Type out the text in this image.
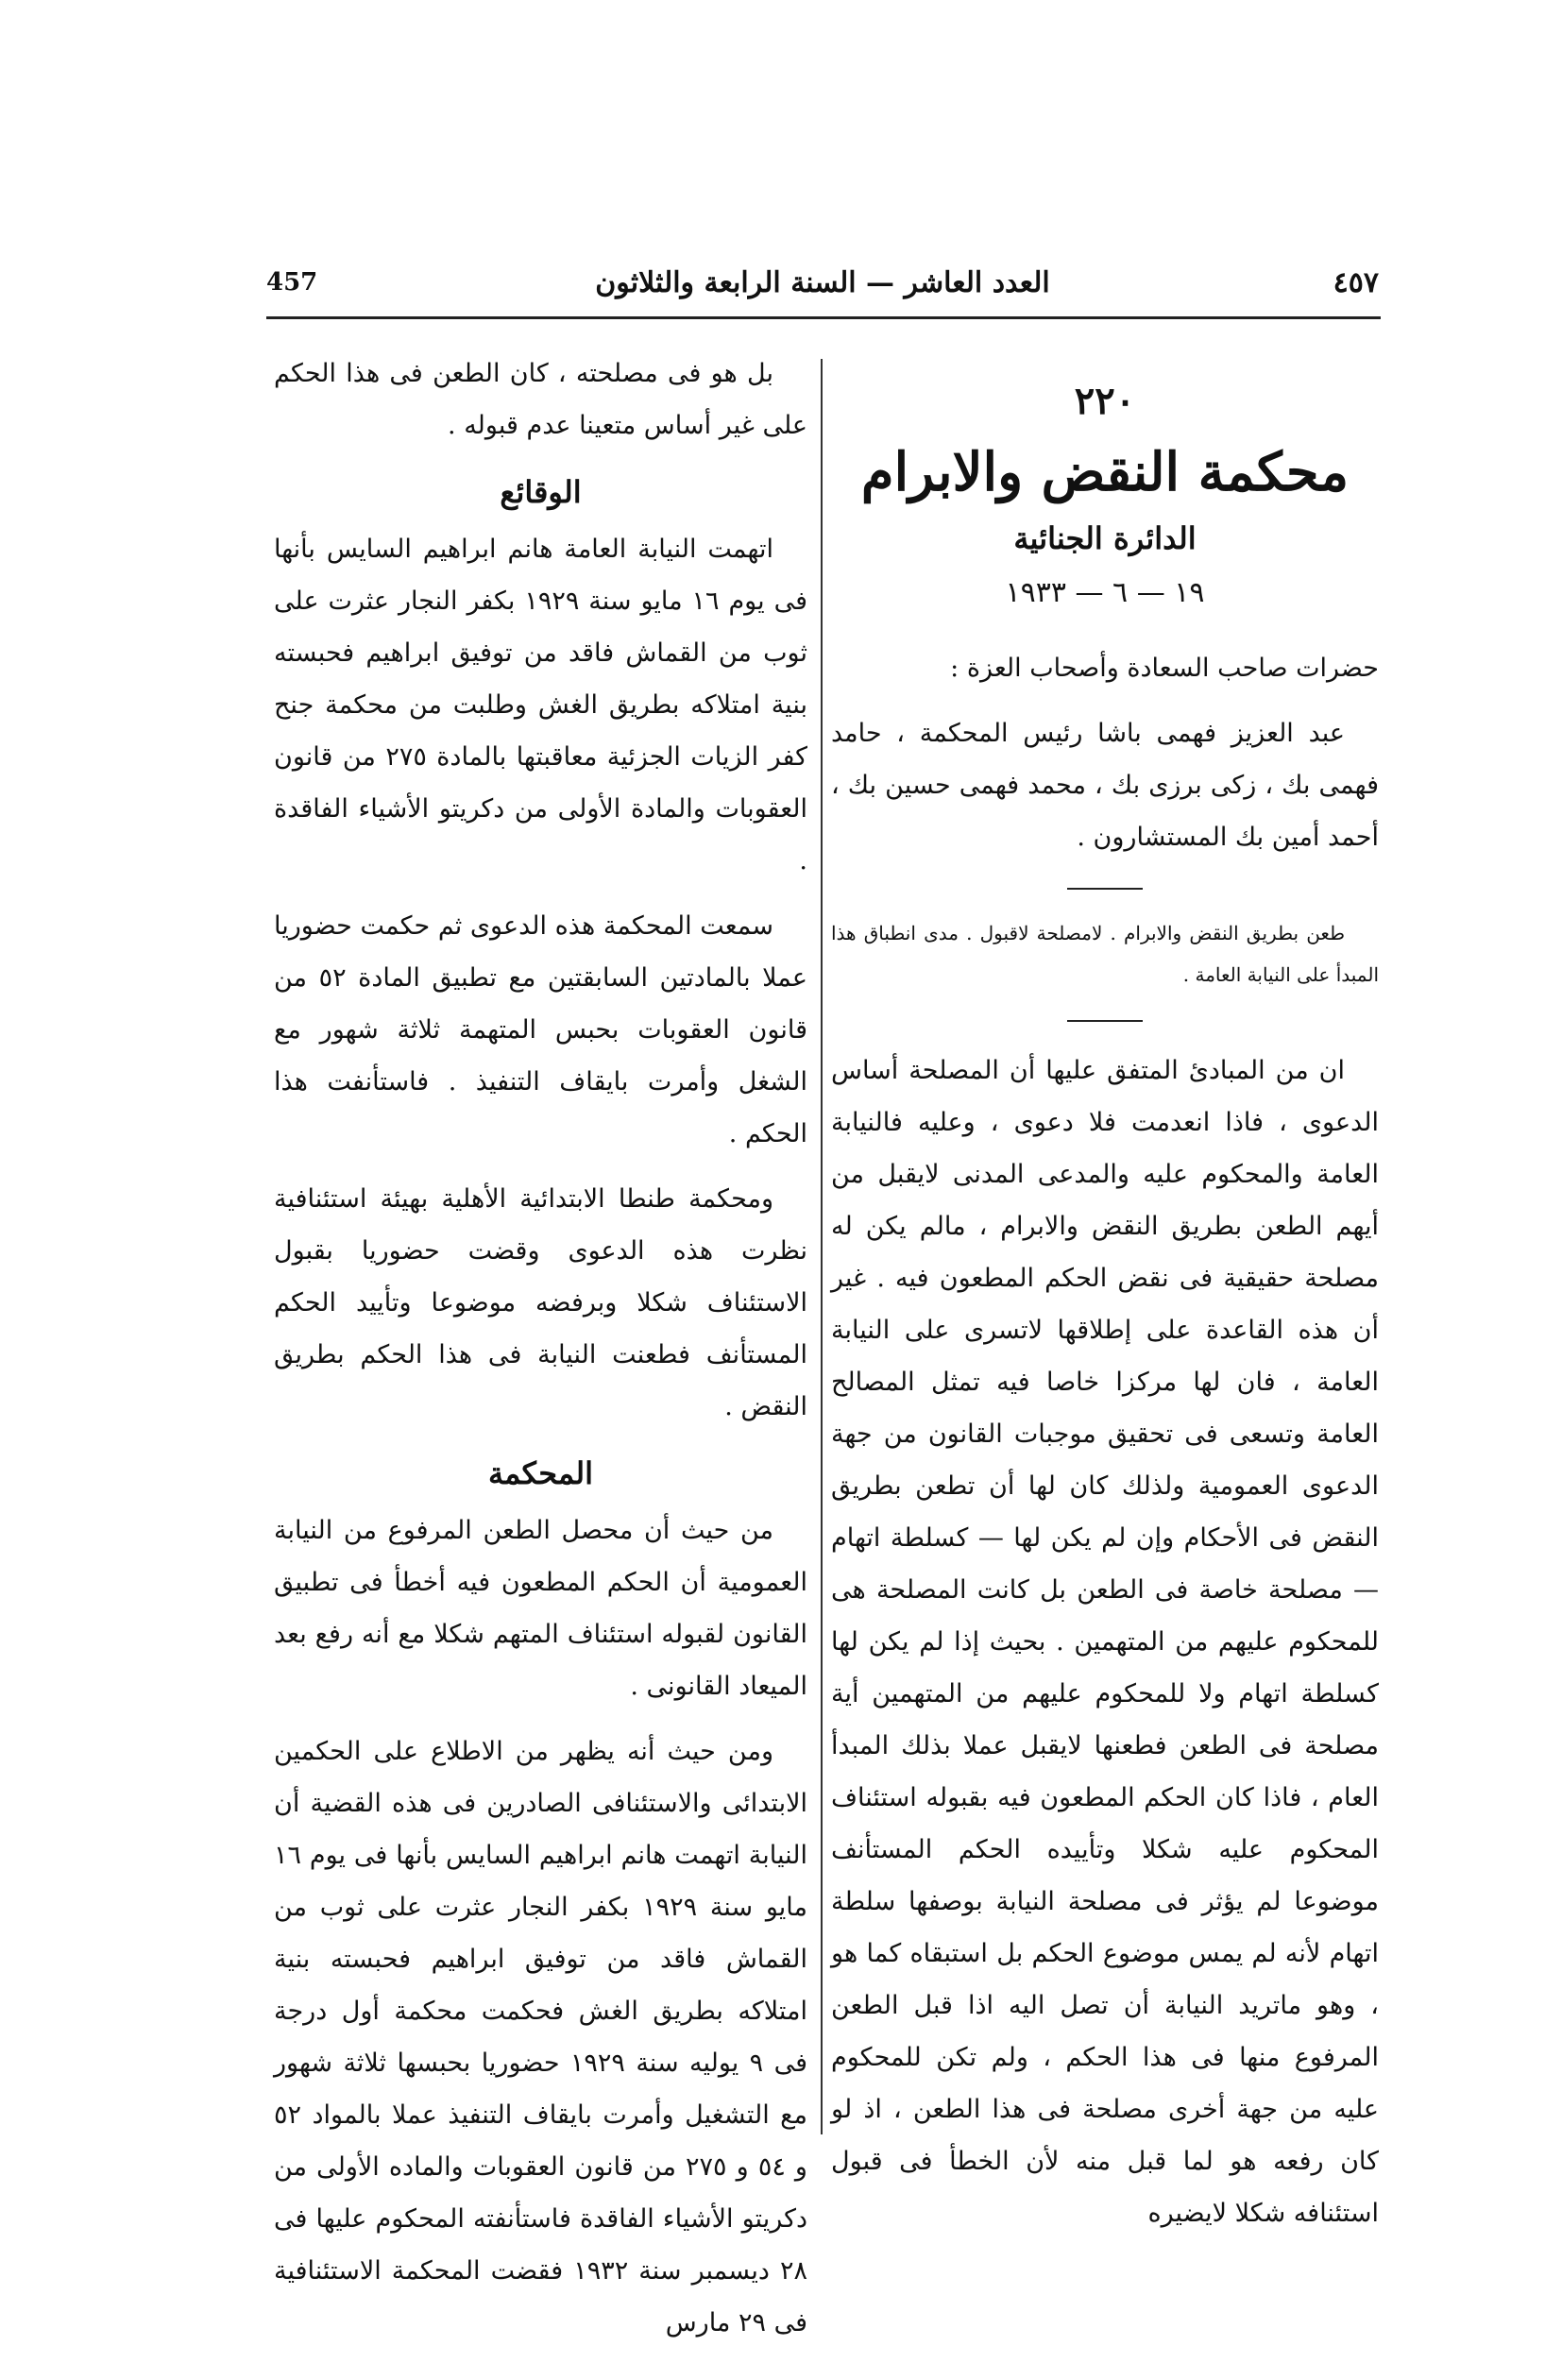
457	العدد العاشر — السنة الرابعة والثلاثون	٤٥٧

٢٢٠

محكمة النقض والابرام

الدائرة الجنائية

١٩ — ٦ — ١٩٣٣

حضرات صاحب السعادة وأصحاب العزة :

عبد العزيز فهمى باشا رئيس المحكمة ، حامد فهمى بك ، زكى برزى بك ، محمد فهمى حسين بك ، أحمد أمين بك المستشارون .

طعن بطريق النقض والابرام . لامصلحة لاقبول . مدى انطباق هذا المبدأ على النيابة العامة .

ان من المبادئ المتفق عليها أن المصلحة أساس الدعوى ، فاذا انعدمت فلا دعوى ، وعليه فالنيابة العامة والمحكوم عليه والمدعى المدنى لايقبل من أيهم الطعن بطريق النقض والابرام ، مالم يكن له مصلحة حقيقية فى نقض الحكم المطعون فيه . غير أن هذه القاعدة على إطلاقها لاتسرى على النيابة العامة ، فان لها مركزا خاصا فيه تمثل المصالح العامة وتسعى فى تحقيق موجبات القانون من جهة الدعوى العمومية ولذلك كان لها أن تطعن بطريق النقض فى الأحكام وإن لم يكن لها — كسلطة اتهام — مصلحة خاصة فى الطعن بل كانت المصلحة هى للمحكوم عليهم من المتهمين . بحيث إذا لم يكن لها كسلطة اتهام ولا للمحكوم عليهم من المتهمين أية مصلحة فى الطعن فطعنها لايقبل عملا بذلك المبدأ العام ، فاذا كان الحكم المطعون فيه بقبوله استئناف المحكوم عليه شكلا وتأييده الحكم المستأنف موضوعا لم يؤثر فى مصلحة النيابة بوصفها سلطة اتهام لأنه لم يمس موضوع الحكم بل استبقاه كما هو ، وهو ماتريد النيابة أن تصل اليه اذا قبل الطعن المرفوع منها فى هذا الحكم ، ولم تكن للمحكوم عليه من جهة أخرى مصلحة فى هذا الطعن ، اذ لو كان رفعه هو لما قبل منه لأن الخطأ فى قبول استئنافه شكلا لايضيره

بل هو فى مصلحته ، كان الطعن فى هذا الحكم على غير أساس متعينا عدم قبوله .

الوقائع

اتهمت النيابة العامة هانم ابراهيم السايس بأنها فى يوم ١٦ مايو سنة ١٩٢٩ بكفر النجار عثرت على ثوب من القماش فاقد من توفيق ابراهيم فحبسته بنية امتلاكه بطريق الغش وطلبت من محكمة جنح كفر الزيات الجزئية معاقبتها بالمادة ٢٧٥ من قانون العقوبات والمادة الأولى من دكريتو الأشياء الفاقدة .

سمعت المحكمة هذه الدعوى ثم حكمت حضوريا عملا بالمادتين السابقتين مع تطبيق المادة ٥٢ من قانون العقوبات بحبس المتهمة ثلاثة شهور مع الشغل وأمرت بايقاف التنفيذ . فاستأنفت هذا الحكم .

ومحكمة طنطا الابتدائية الأهلية بهيئة استئنافية نظرت هذه الدعوى وقضت حضوريا بقبول الاستئناف شكلا وبرفضه موضوعا وتأييد الحكم المستأنف فطعنت النيابة فى هذا الحكم بطريق النقض .

المحكمة

من حيث أن محصل الطعن المرفوع من النيابة العمومية أن الحكم المطعون فيه أخطأ فى تطبيق القانون لقبوله استئناف المتهم شكلا مع أنه رفع بعد الميعاد القانونى .

ومن حيث أنه يظهر من الاطلاع على الحكمين الابتدائى والاستئنافى الصادرين فى هذه القضية أن النيابة اتهمت هانم ابراهيم السايس بأنها فى يوم ١٦ مايو سنة ١٩٢٩ بكفر النجار عثرت على ثوب من القماش فاقد من توفيق ابراهيم فحبسته بنية امتلاكه بطريق الغش فحكمت محكمة أول درجة فى ٩ يوليه سنة ١٩٢٩ حضوريا بحبسها ثلاثة شهور مع التشغيل وأمرت بايقاف التنفيذ عملا بالمواد ٥٢ و ٥٤ و ٢٧٥ من قانون العقوبات والماده الأولى من دكريتو الأشياء الفاقدة فاستأنفته المحكوم عليها فى ٢٨ ديسمبر سنة ١٩٣٢ فقضت المحكمة الاستئنافية فى ٢٩ مارس
